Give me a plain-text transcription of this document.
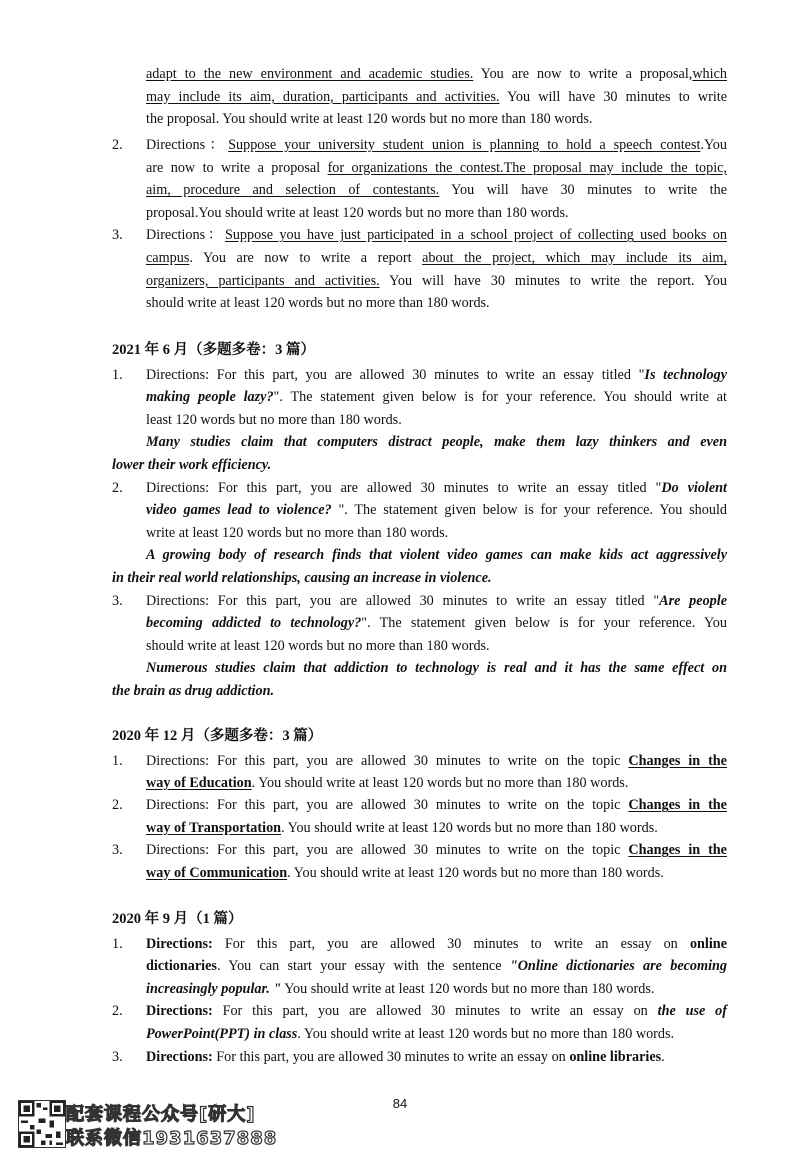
adapt to the new environment and academic studies. You are now to write a proposal,which
may include its aim, duration, participants and activities. You will have 30 minutes to write
the proposal. You should write at least 120 words but no more than 180 words.
2.	Directions：Suppose your university student union is planning to hold a speech contest.You
are now to write a proposal for organizations the contest.The proposal may include the topic,
aim, procedure and selection of contestants. You will have 30 minutes to write the
proposal.You should write at least 120 words but no more than 180 words.
3.	Directions：Suppose you have just participated in a school project of collecting used books on
campus. You are now to write a report about the project, which may include its aim,
organizers, participants and activities. You will have 30 minutes to write the report. You
should write at least 120 words but no more than 180 words.
2021 年 6 月（多题多卷：3 篇）
1.	Directions: For this part, you are allowed 30 minutes to write an essay titled "Is technology
making people lazy?". The statement given below is for your reference. You should write at
least 120 words but no more than 180 words.
Many studies claim that computers distract people, make them lazy thinkers and even
lower their work efficiency.
2.	Directions: For this part, you are allowed 30 minutes to write an essay titled "Do violent
video games lead to violence? ". The statement given below is for your reference. You should
write at least 120 words but no more than 180 words.
A growing body of research finds that violent video games can make kids act aggressively
in their real world relationships, causing an increase in violence.
3.	Directions: For this part, you are allowed 30 minutes to write an essay titled "Are people
becoming addicted to technology?". The statement given below is for your reference. You
should write at least 120 words but no more than 180 words.
Numerous studies claim that addiction to technology is real and it has the same effect on
the brain as drug addiction.
2020 年 12 月（多题多卷：3 篇）
1.	Directions: For this part, you are allowed 30 minutes to write on the topic Changes in the
way of Education. You should write at least 120 words but no more than 180 words.
2.	Directions: For this part, you are allowed 30 minutes to write on the topic Changes in the
way of Transportation. You should write at least 120 words but no more than 180 words.
3.	Directions: For this part, you are allowed 30 minutes to write on the topic Changes in the
way of Communication. You should write at least 120 words but no more than 180 words.
2020 年 9 月（1 篇）
1.	Directions: For this part, you are allowed 30 minutes to write an essay on online
dictionaries. You can start your essay with the sentence "Online dictionaries are becoming
increasingly popular. " You should write at least 120 words but no more than 180 words.
2.	Directions: For this part, you are allowed 30 minutes to write an essay on the use of
PowerPoint(PPT) in class. You should write at least 120 words but no more than 180 words.
3.	Directions: For this part, you are allowed 30 minutes to write an essay on online libraries.
84
配套课程公众号[研大]
联系微信1931637888
